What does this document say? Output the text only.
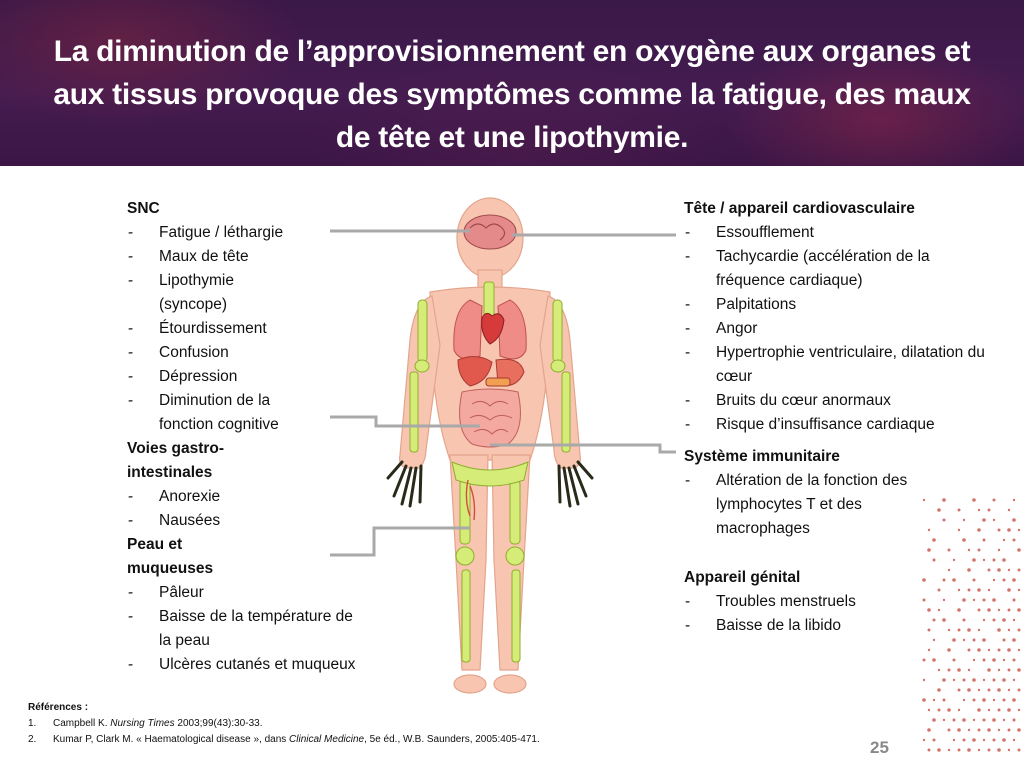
La diminution de l’approvisionnement en oxygène aux organes et aux tissus provoque des symptômes comme la fatigue, des maux de tête et une lipothymie.
SNC
- Fatigue / léthargie
- Maux de tête
- Lipothymie (syncope)
- Étourdissement
- Confusion
- Dépression
- Diminution de la fonction cognitive
Voies gastro-intestinales
- Anorexie
- Nausées
Peau et muqueuses
- Pâleur
- Baisse de la température de la peau
- Ulcères cutanés et muqueux
Tête / appareil cardiovasculaire
- Essoufflement
- Tachycardie (accélération de la fréquence cardiaque)
- Palpitations
- Angor
- Hypertrophie ventriculaire, dilatation du cœur
- Bruits du cœur anormaux
- Risque d’insuffisance cardiaque
Système immunitaire
- Altération de la fonction des lymphocytes T et des macrophages
Appareil génital
- Troubles menstruels
- Baisse de la libido
Références :
1. Campbell K. Nursing Times 2003;99(43):30-33.
2. Kumar P, Clark M. « Haematological disease », dans Clinical Medicine, 5e éd., W.B. Saunders, 2005:405-471.	25
